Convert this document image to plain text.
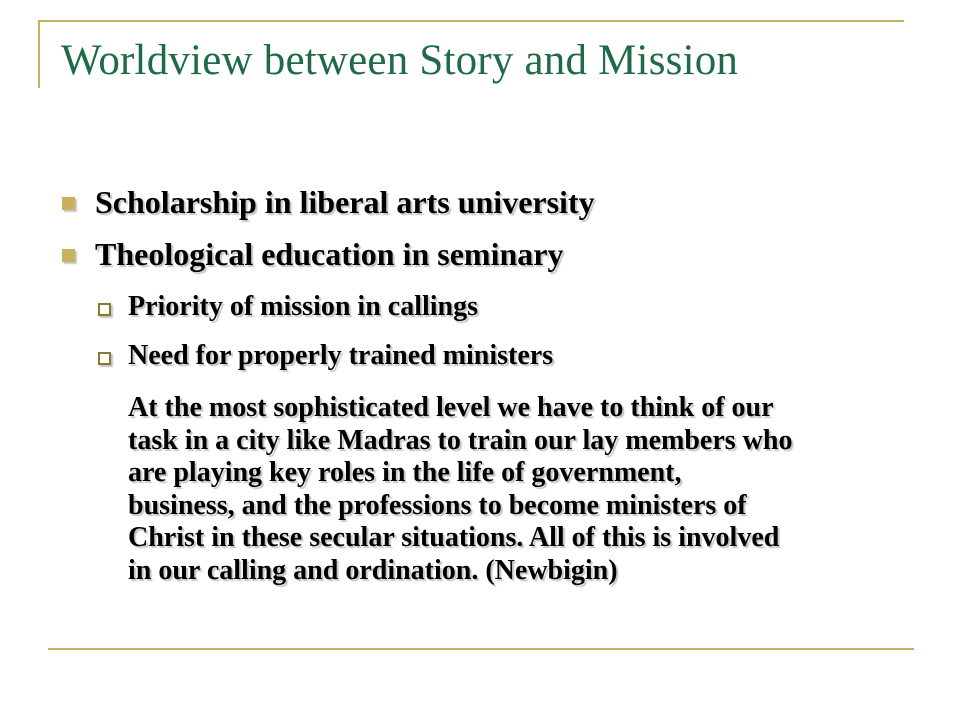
Worldview between Story and Mission
Scholarship in liberal arts university
Theological education in seminary
Priority of mission in callings
Need for properly trained ministers
At the most sophisticated level we have to think of our
task in a city like Madras to train our lay members who
are playing key roles in the life of government,
business, and the professions to become ministers of
Christ in these secular situations. All of this is involved
in our calling and ordination. (Newbigin)
